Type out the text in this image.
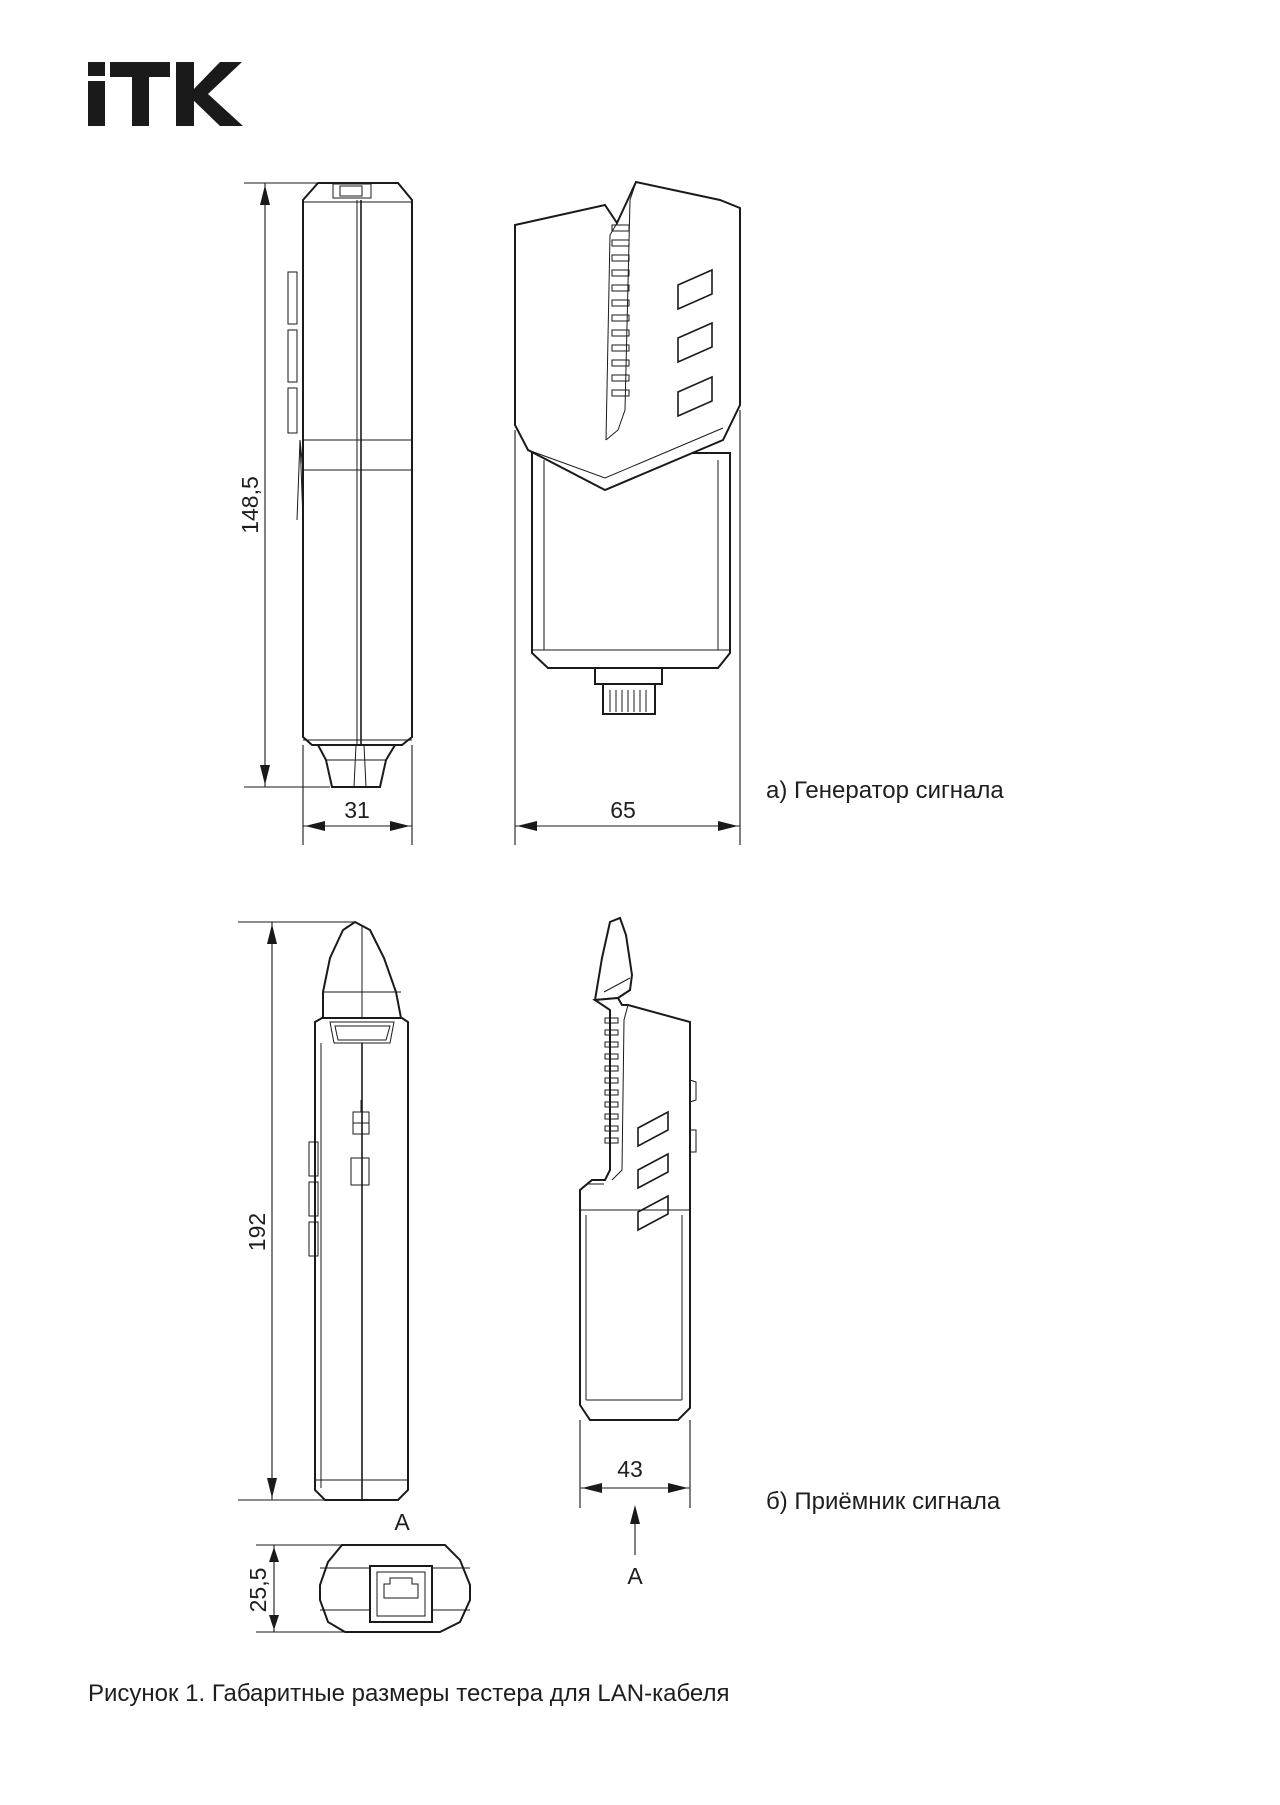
148,5
31	65
192
43
A
A
25,5
а) Генератор сигнала
б) Приёмник сигнала
Рисунок 1. Габаритные размеры тестера для LAN-кабеля
